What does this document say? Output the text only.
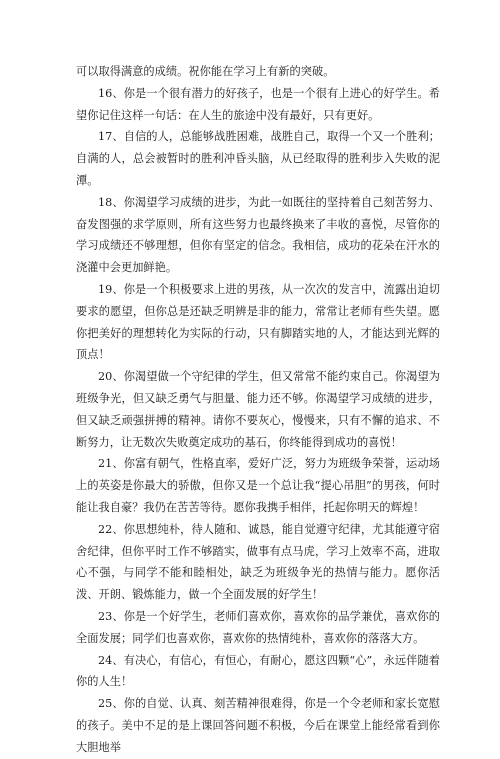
可以取得满意的成绩。祝你能在学习上有新的突破。

16、你是一个很有潜力的好孩子，也是一个很有上进心的好学生。希望你记住这样一句话：在人生的旅途中没有最好，只有更好。

17、自信的人，总能够战胜困难，战胜自己，取得一个又一个胜利；自满的人，总会被暂时的胜利冲昏头脑，从已经取得的胜利步入失败的泥潭。

18、你渴望学习成绩的进步，为此一如既往的坚持着自己刻苦努力、奋发图强的求学原则，所有这些努力也最终换来了丰收的喜悦，尽管你的学习成绩还不够理想，但你有坚定的信念。我相信，成功的花朵在汗水的浇灌中会更加鲜艳。

19、你是一个积极要求上进的男孩，从一次次的发言中，流露出迫切要求的愿望，但你总是还缺乏明辨是非的能力，常常让老师有些失望。愿你把美好的理想转化为实际的行动，只有脚踏实地的人，才能达到光辉的顶点！

20、你渴望做一个守纪律的学生，但又常常不能约束自己。你渴望为班级争光，但又缺乏勇气与胆量、能力还不够。你渴望学习成绩的进步，但又缺乏顽强拼搏的精神。请你不要灰心，慢慢来，只有不懈的追求、不断努力，让无数次失败奠定成功的基石，你终能得到成功的喜悦！

21、你富有朝气，性格直率，爱好广泛，努力为班级争荣誉，运动场上的英姿是你最大的骄傲，但你又是一个总让我“提心吊胆”的男孩，何时能让我自豪？我仍在苦苦等待。愿你我携手相伴，托起你明天的辉煌！

22、你思想纯朴，待人随和、诚恳，能自觉遵守纪律，尤其能遵守宿舍纪律，但你平时工作不够踏实，做事有点马虎，学习上效率不高，进取心不强，与同学不能和睦相处，缺乏为班级争光的热情与能力。愿你活泼、开朗、锻炼能力，做一个全面发展的好学生！

23、你是一个好学生，老师们喜欢你，喜欢你的品学兼优，喜欢你的全面发展；同学们也喜欢你，喜欢你的热情纯朴，喜欢你的落落大方。

24、有决心，有信心，有恒心，有耐心，愿这四颗“心”，永远伴随着你的人生！

25、你的自觉、认真、刻苦精神很难得，你是一个令老师和家长宽慰的孩子。美中不足的是上课回答问题不积极，今后在课堂上能经常看到你大胆地举
